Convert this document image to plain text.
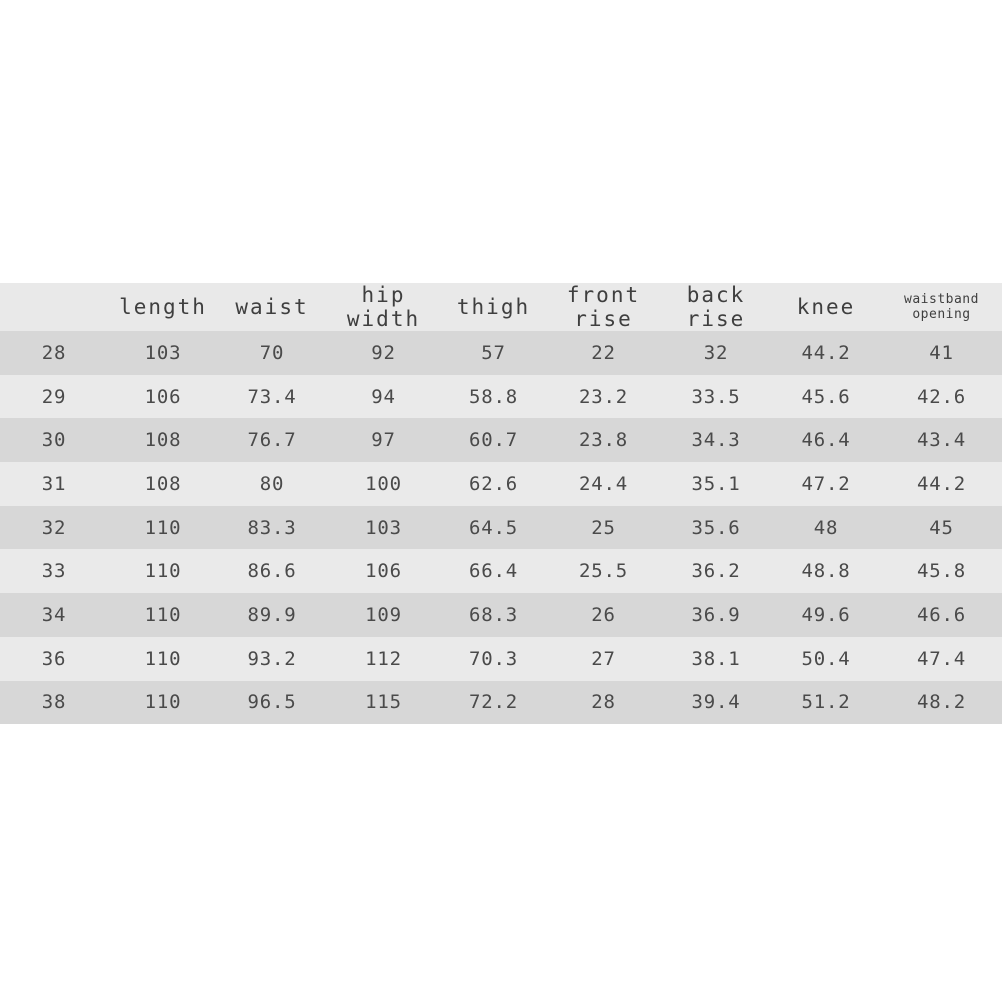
	length	waist	hip width	thigh	front rise	back rise	knee	waistband opening
28	103	70	92	57	22	32	44.2	41
29	106	73.4	94	58.8	23.2	33.5	45.6	42.6
30	108	76.7	97	60.7	23.8	34.3	46.4	43.4
31	108	80	100	62.6	24.4	35.1	47.2	44.2
32	110	83.3	103	64.5	25	35.6	48	45
33	110	86.6	106	66.4	25.5	36.2	48.8	45.8
34	110	89.9	109	68.3	26	36.9	49.6	46.6
36	110	93.2	112	70.3	27	38.1	50.4	47.4
38	110	96.5	115	72.2	28	39.4	51.2	48.2
